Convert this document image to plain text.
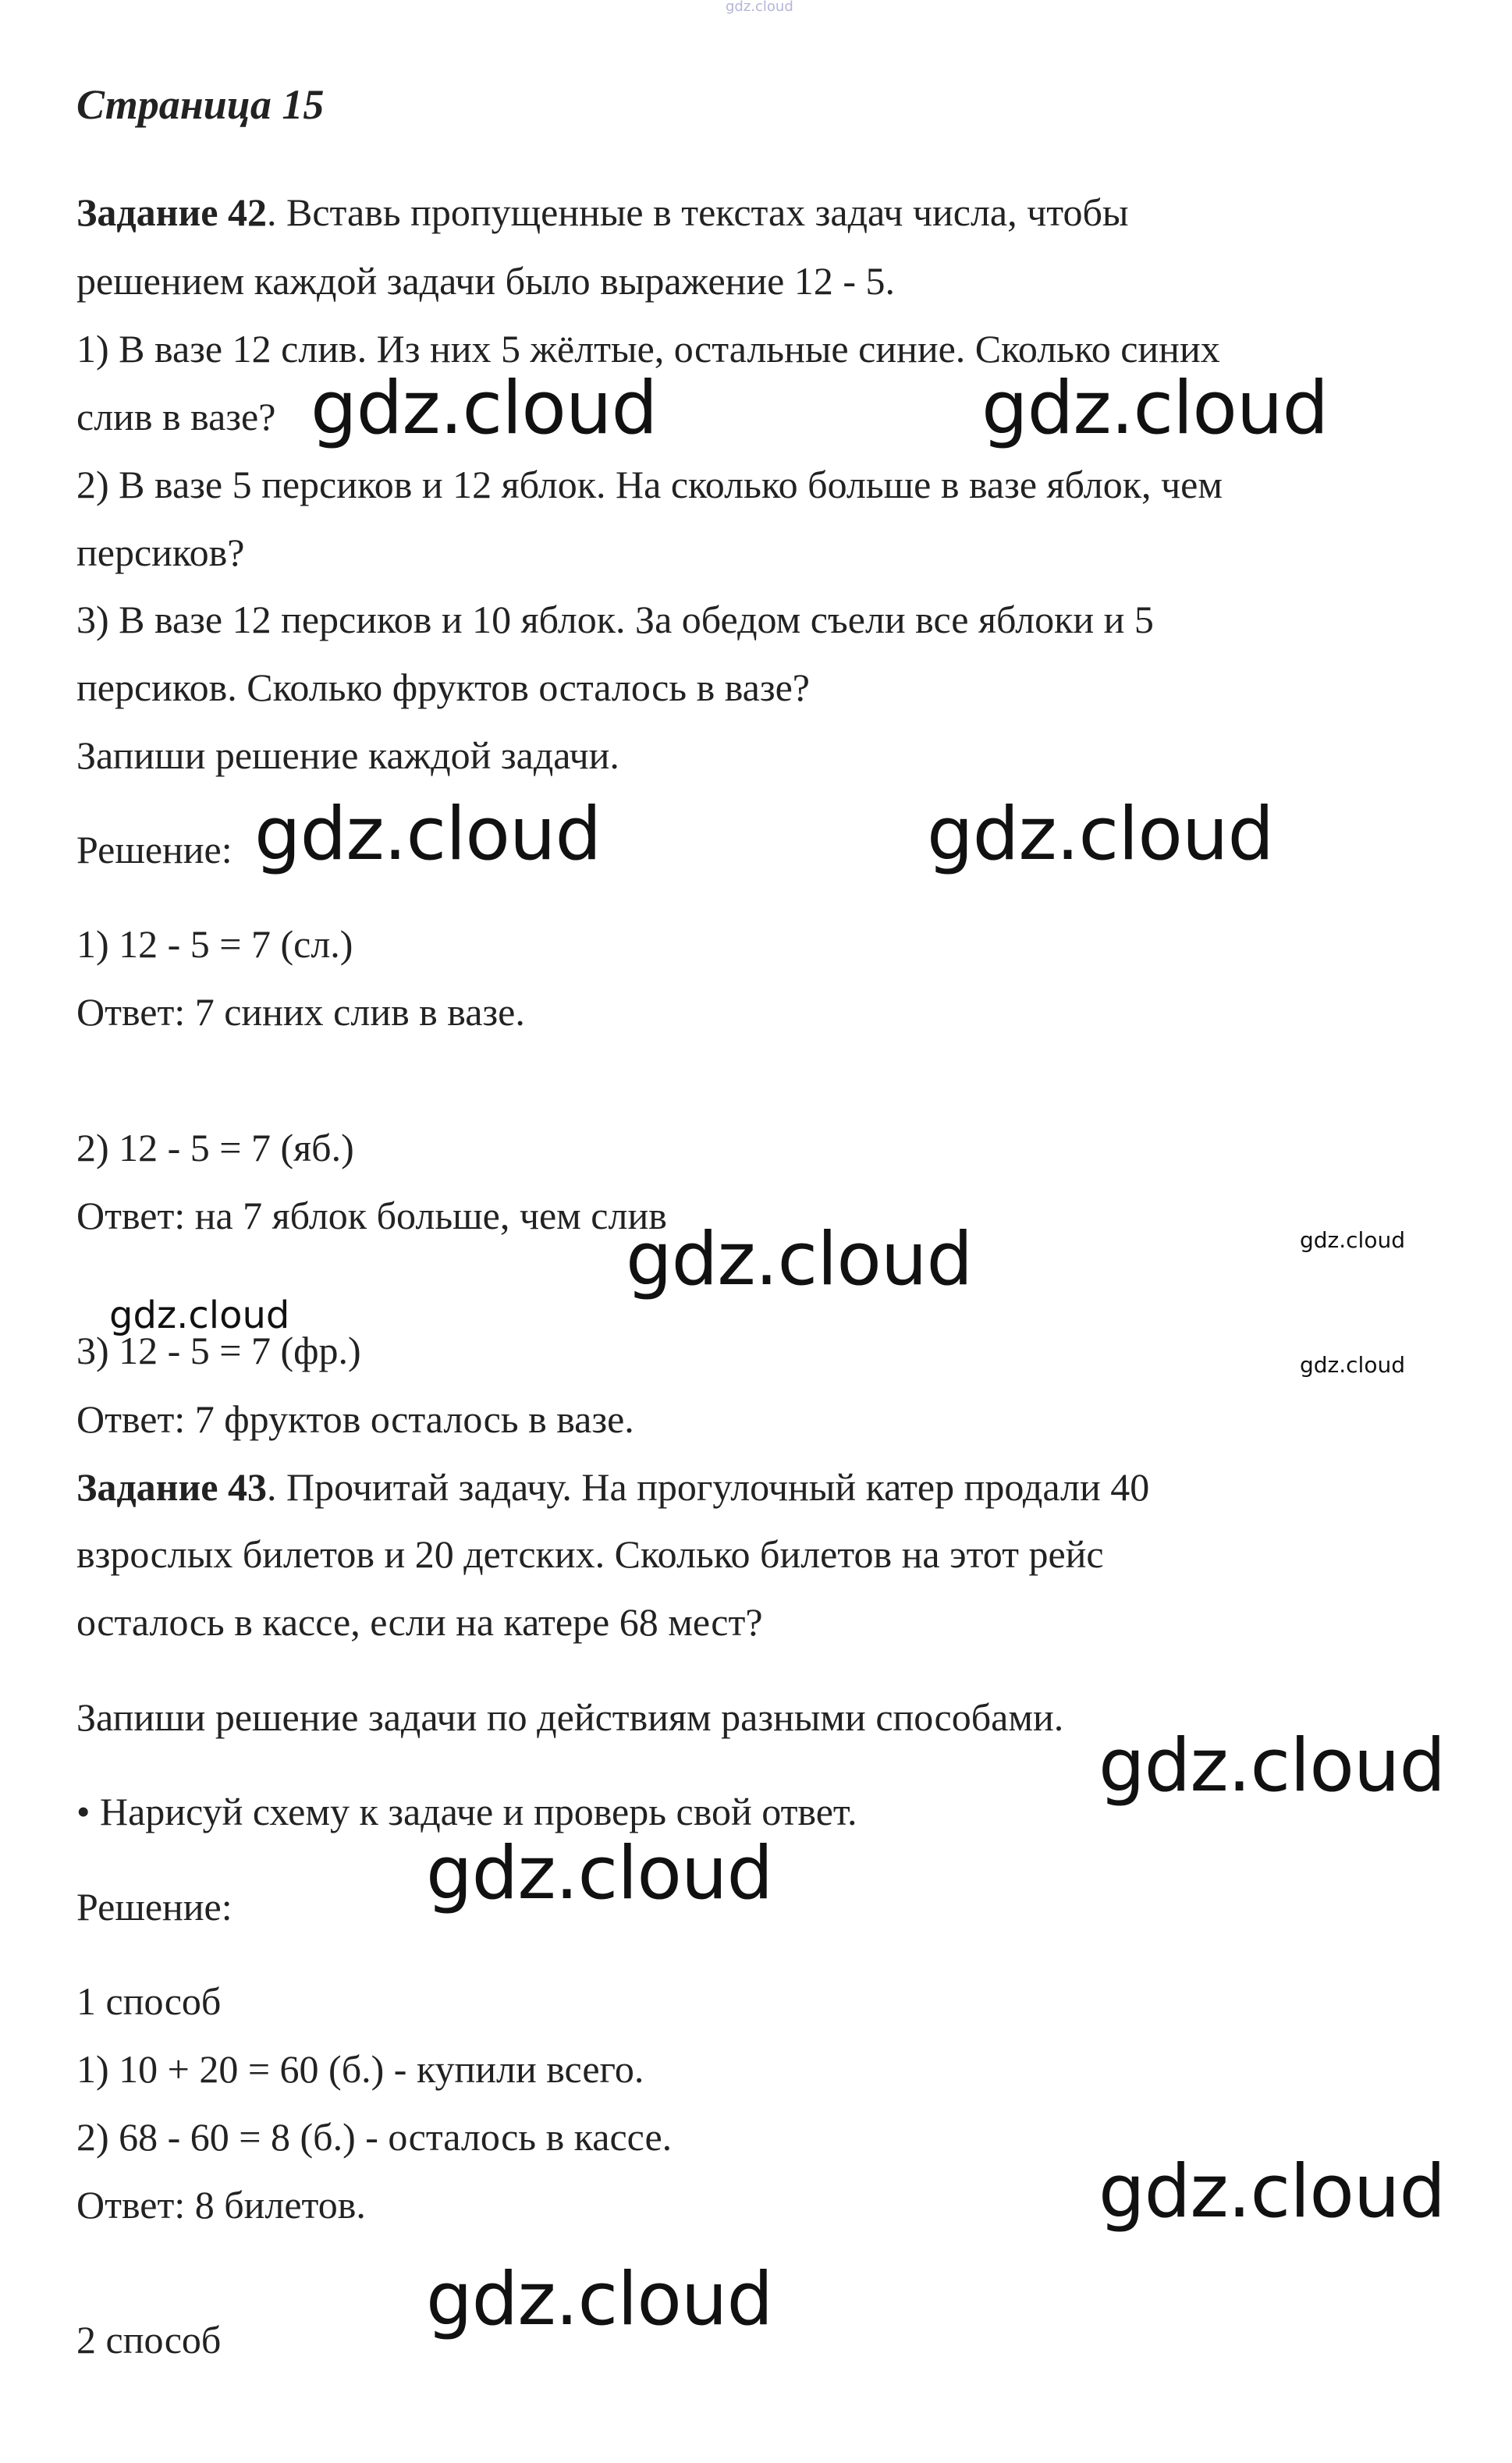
gdz.cloud
Страница 15
Задание 42. Вставь пропущенные в текстах задач числа, чтобы
решением каждой задачи было выражение 12 - 5.
1) В вазе 12 слив. Из них 5 жёлтые, остальные синие. Сколько синих
слив в вазе?
2) В вазе 5 персиков и 12 яблок. На сколько больше в вазе яблок, чем
персиков?
3) В вазе 12 персиков и 10 яблок. За обедом съели все яблоки и 5
персиков. Сколько фруктов осталось в вазе?
Запиши решение каждой задачи.
Решение:
1) 12 - 5 = 7 (сл.)
Ответ: 7 синих слив в вазе.
2) 12 - 5 = 7 (яб.)
Ответ: на 7 яблок больше, чем слив
3) 12 - 5 = 7 (фр.)
Ответ: 7 фруктов осталось в вазе.
Задание 43. Прочитай задачу. На прогулочный катер продали 40
взрослых билетов и 20 детских. Сколько билетов на этот рейс
осталось в кассе, если на катере 68 мест?
Запиши решение задачи по действиям разными способами.
• Нарисуй схему к задаче и проверь свой ответ.
Решение:
1 способ
1) 10 + 20 = 60 (б.) - купили всего.
2) 68 - 60 = 8 (б.) - осталось в кассе.
Ответ: 8 билетов.
2 способ
gdz.cloud	gdz.cloud
gdz.cloud	gdz.cloud
gdz.cloud	gdz.cloud
gdz.cloud
gdz.cloud
gdz.cloud
gdz.cloud
gdz.cloud
gdz.cloud
